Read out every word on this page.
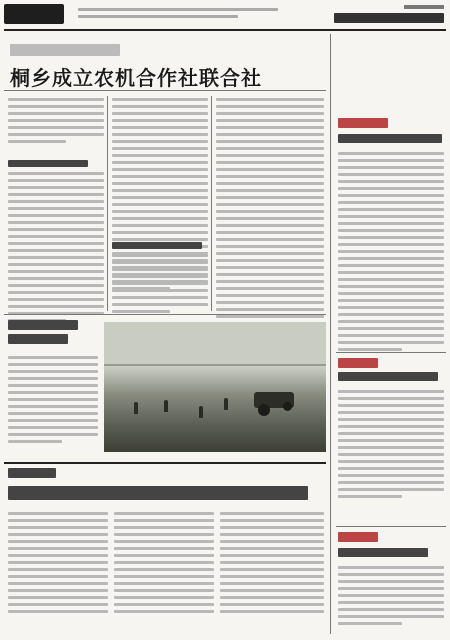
桐乡成立农机合作社联合社
